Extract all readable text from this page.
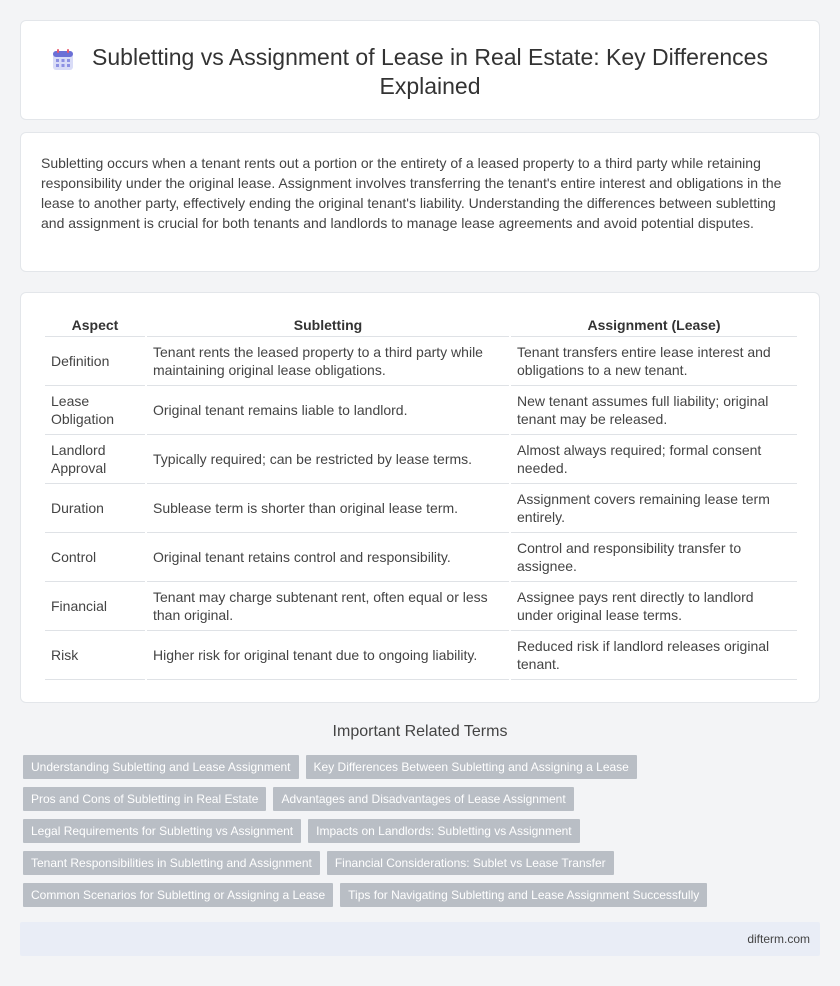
Subletting vs Assignment of Lease in Real Estate: Key Differences Explained

Subletting occurs when a tenant rents out a portion or the entirety of a leased property to a third party while retaining responsibility under the original lease. Assignment involves transferring the tenant's entire interest and obligations in the lease to another party, effectively ending the original tenant's liability. Understanding the differences between subletting and assignment is crucial for both tenants and landlords to manage lease agreements and avoid potential disputes.

Aspect	Subletting	Assignment (Lease)
Definition	Tenant rents the leased property to a third party while maintaining original lease obligations.	Tenant transfers entire lease interest and obligations to a new tenant.
Lease Obligation	Original tenant remains liable to landlord.	New tenant assumes full liability; original tenant may be released.
Landlord Approval	Typically required; can be restricted by lease terms.	Almost always required; formal consent needed.
Duration	Sublease term is shorter than original lease term.	Assignment covers remaining lease term entirely.
Control	Original tenant retains control and responsibility.	Control and responsibility transfer to assignee.
Financial	Tenant may charge subtenant rent, often equal or less than original.	Assignee pays rent directly to landlord under original lease terms.
Risk	Higher risk for original tenant due to ongoing liability.	Reduced risk if landlord releases original tenant.
Important Related Terms
Understanding Subletting and Lease Assignment	Key Differences Between Subletting and Assigning a Lease
Pros and Cons of Subletting in Real Estate	Advantages and Disadvantages of Lease Assignment
Legal Requirements for Subletting vs Assignment	Impacts on Landlords: Subletting vs Assignment
Tenant Responsibilities in Subletting and Assignment	Financial Considerations: Sublet vs Lease Transfer
Common Scenarios for Subletting or Assigning a Lease	Tips for Navigating Subletting and Lease Assignment Successfully
difterm.com
